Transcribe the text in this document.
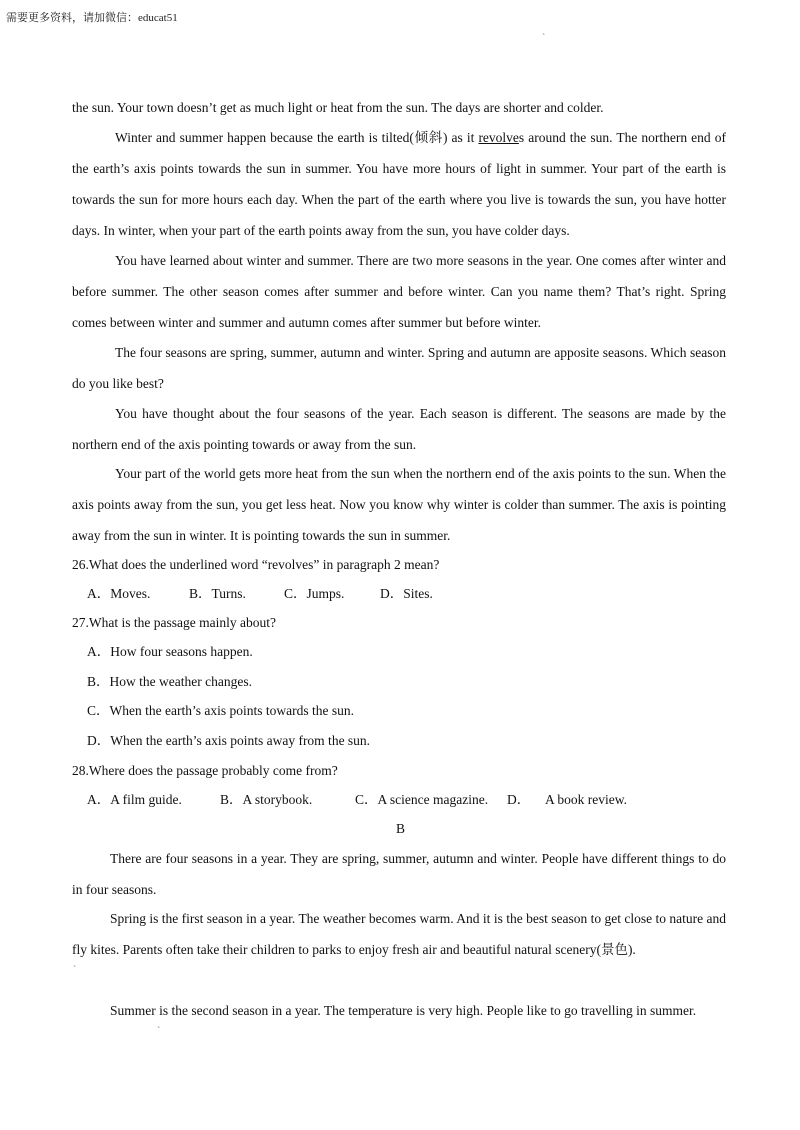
需要更多资料，请加微信：educat51

the sun. Your town doesn’t get as much light or heat from the sun. The days are shorter and colder.

Winter and summer happen because the earth is tilted(倾斜) as it revolves around the sun. The northern end of the earth’s axis points towards the sun in summer. You have more hours of light in summer. Your part of the earth is towards the sun for more hours each day. When the part of the earth where you live is towards the sun, you have hotter days. In winter, when your part of the earth points away from the sun, you have colder days.

You have learned about winter and summer. There are two more seasons in the year. One comes after winter and before summer. The other season comes after summer and before winter. Can you name them? That’s right. Spring comes between winter and summer and autumn comes after summer but before winter.

The four seasons are spring, summer, autumn and winter. Spring and autumn are apposite seasons. Which season do you like best?

You have thought about the four seasons of the year. Each season is different. The seasons are made by the northern end of the axis pointing towards or away from the sun.

Your part of the world gets more heat from the sun when the northern end of the axis points to the sun. When the axis points away from the sun, you get less heat. Now you know why winter is colder than summer. The axis is pointing away from the sun in winter. It is pointing towards the sun in summer.

26.What does the underlined word “revolves” in paragraph 2 mean?
A．Moves.	B．Turns.	C．Jumps.	D．Sites.
27.What is the passage mainly about?
A．How four seasons happen.
B．How the weather changes.
C．When the earth’s axis points towards the sun.
D．When the earth’s axis points away from the sun.
28.Where does the passage probably come from?
A．A film guide.	B．A storybook.	C．A science magazine. D． A book review.
B

There are four seasons in a year. They are spring, summer, autumn and winter. People have different things to do in four seasons.

Spring is the first season in a year. The weather becomes warm. And it is the best season to get close to nature and fly kites. Parents often take their children to parks to enjoy fresh air and beautiful natural scenery(景色).

Summer is the second season in a year. The temperature is very high. People like to go travelling in summer.

ˋ
ˋ
ˋ
